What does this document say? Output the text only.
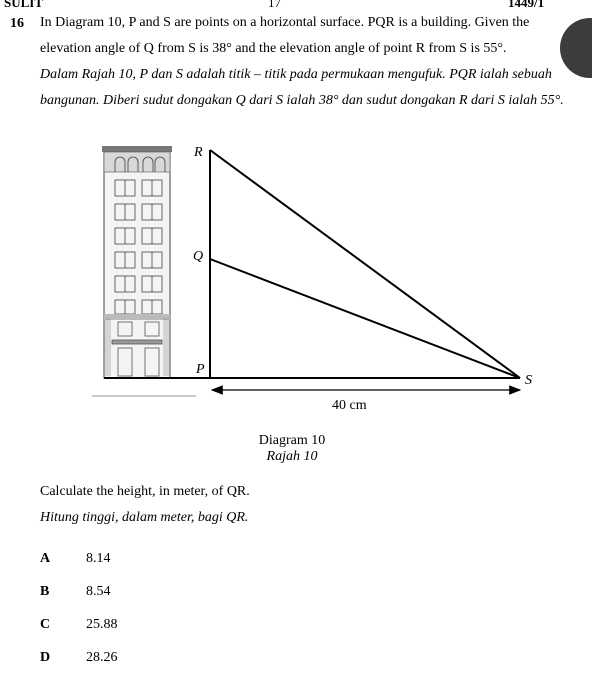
SULIT	17	1449/1
16 In Diagram 10, P and S are points on a horizontal surface. PQR is a building. Given the
elevation angle of Q from S is 38° and the elevation angle of point R from S is 55°.
Dalam Rajah 10, P dan S adalah titik – titik pada permukaan mengufuk. PQR ialah sebuah
bangunan. Diberi sudut dongakan Q dari S ialah 38° dan sudut dongakan R dari S ialah 55°.
R
Q
P
S
40 cm
Diagram 10
Rajah 10
Calculate the height, in meter, of QR.
Hitung tinggi, dalam meter, bagi QR.
A	8.14
B	8.54
C	25.88
D	28.26
